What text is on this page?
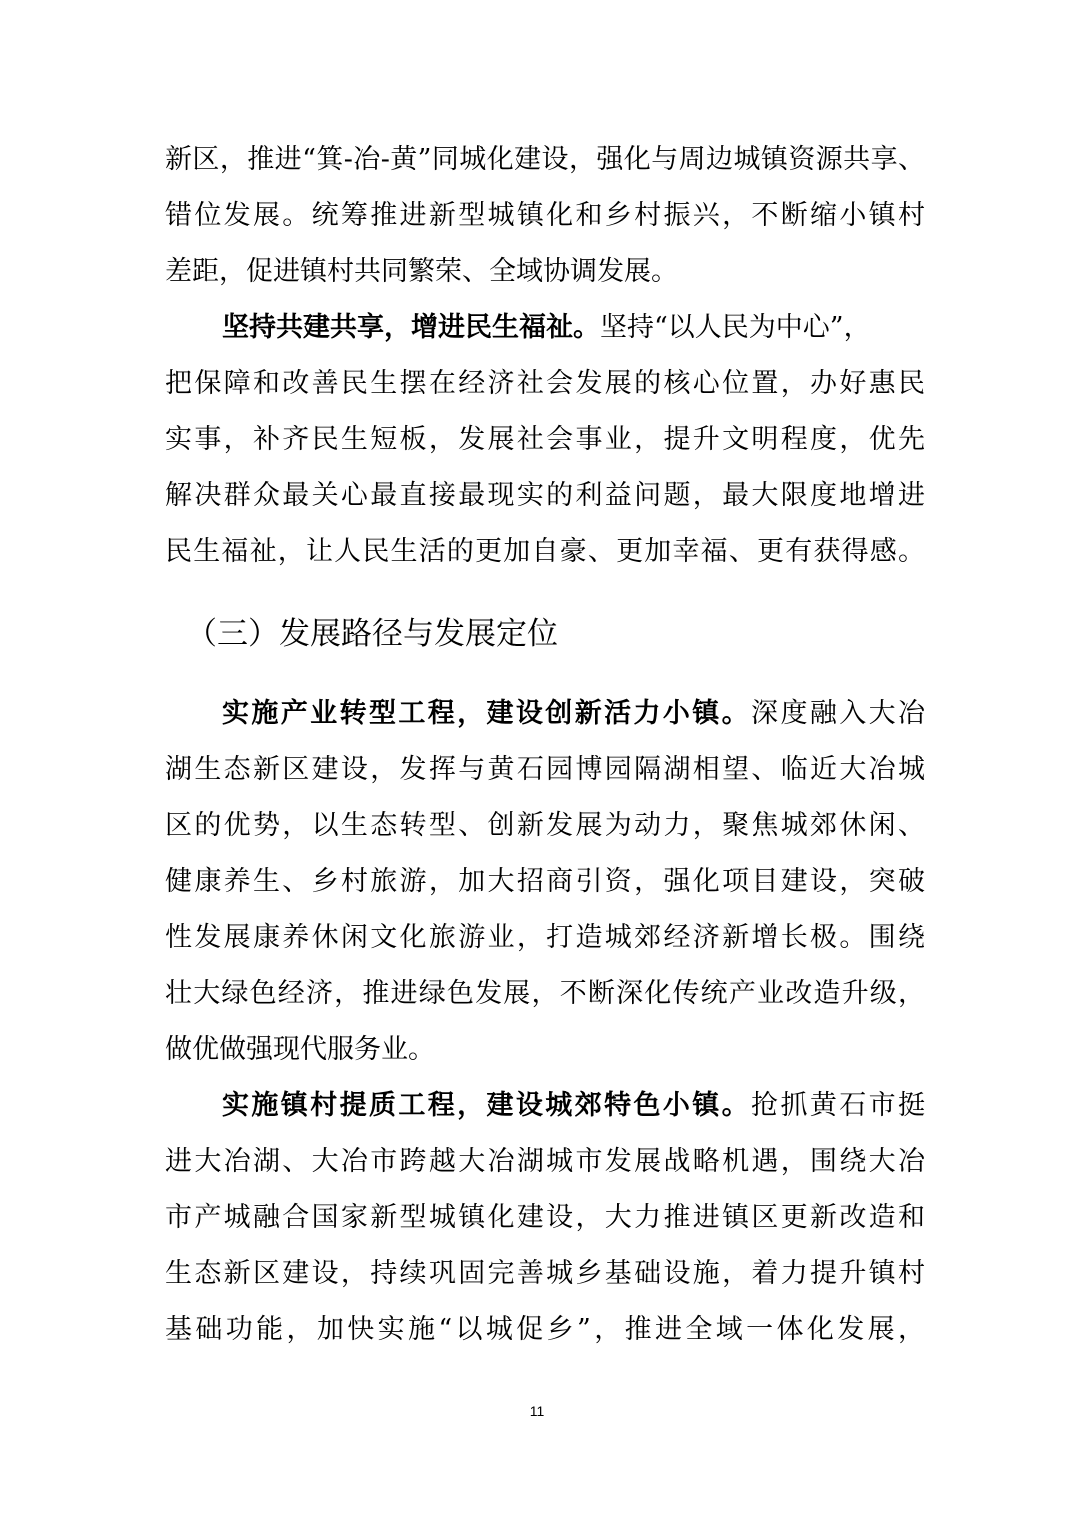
新区，推进“箕-冶-黄”同城化建设，强化与周边城镇资源共享、
错位发展。统筹推进新型城镇化和乡村振兴，不断缩小镇村
差距，促进镇村共同繁荣、全域协调发展。
坚持共建共享，增进民生福祉。坚持“以人民为中心”，
把保障和改善民生摆在经济社会发展的核心位置，办好惠民
实事，补齐民生短板，发展社会事业，提升文明程度，优先
解决群众最关心最直接最现实的利益问题，最大限度地增进
民生福祉，让人民生活的更加自豪、更加幸福、更有获得感。
（三）发展路径与发展定位
实施产业转型工程，建设创新活力小镇。深度融入大冶
湖生态新区建设，发挥与黄石园博园隔湖相望、临近大冶城
区的优势，以生态转型、创新发展为动力，聚焦城郊休闲、
健康养生、乡村旅游，加大招商引资，强化项目建设，突破
性发展康养休闲文化旅游业，打造城郊经济新增长极。围绕
壮大绿色经济，推进绿色发展，不断深化传统产业改造升级，
做优做强现代服务业。
实施镇村提质工程，建设城郊特色小镇。抢抓黄石市挺
进大冶湖、大冶市跨越大冶湖城市发展战略机遇，围绕大冶
市产城融合国家新型城镇化建设，大力推进镇区更新改造和
生态新区建设，持续巩固完善城乡基础设施，着力提升镇村
基础功能，加快实施“以城促乡”，推进全域一体化发展，
11
